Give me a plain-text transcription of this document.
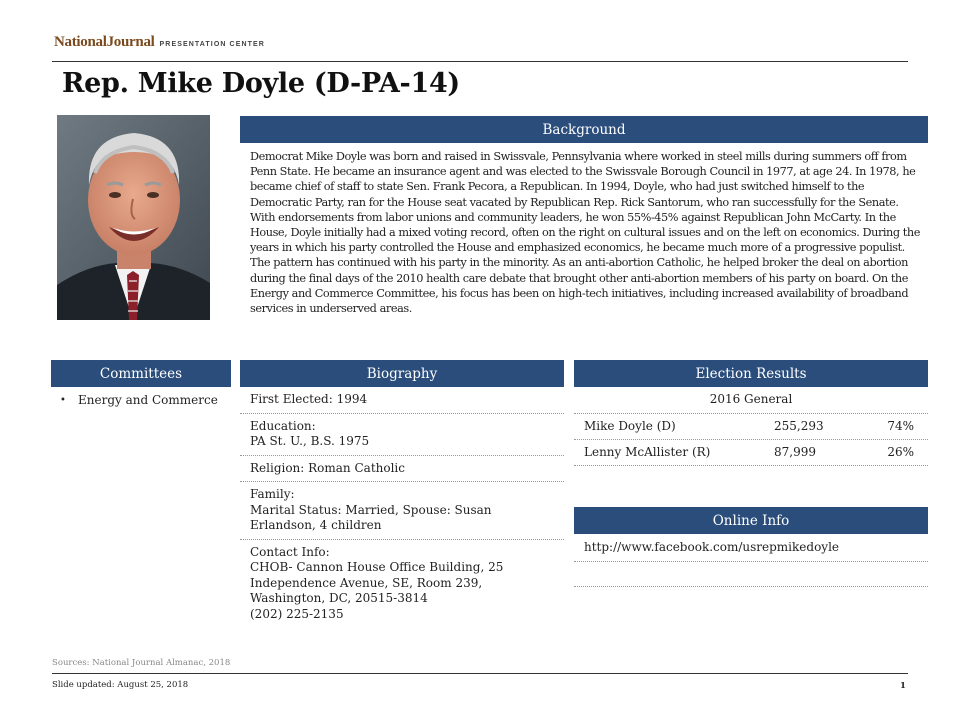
NationalJournal PRESENTATION CENTER
Rep. Mike Doyle (D-PA-14)
Background

Democrat Mike Doyle was born and raised in Swissvale, Pennsylvania where worked in steel mills during summers off from Penn State. He became an insurance agent and was elected to the Swissvale Borough Council in 1977, at age 24. In 1978, he became chief of staff to state Sen. Frank Pecora, a Republican. In 1994, Doyle, who had just switched himself to the Democratic Party, ran for the House seat vacated by Republican Rep. Rick Santorum, who ran successfully for the Senate. With endorsements from labor unions and community leaders, he won 55%-45% against Republican John McCarty. In the House, Doyle initially had a mixed voting record, often on the right on cultural issues and on the left on economics. During the years in which his party controlled the House and emphasized economics, he became much more of a progressive populist. The pattern has continued with his party in the minority. As an anti-abortion Catholic, he helped broker the deal on abortion during the final days of the 2010 health care debate that brought other anti-abortion members of his party on board. On the Energy and Commerce Committee, his focus has been on high-tech initiatives, including increased availability of broadband services in underserved areas.

Committees
•	Energy and Commerce
Biography
First Elected: 1994
Education:
PA St. U., B.S. 1975
Religion: Roman Catholic
Family:
Marital Status: Married, Spouse: Susan Erlandson, 4 children
Contact Info:
CHOB- Cannon House Office Building, 25 Independence Avenue, SE, Room 239, Washington, DC, 20515-3814
(202) 225-2135
Election Results
2016 General
Mike Doyle (D)	255,293	74%
Lenny McAllister (R)	87,999	26%
Online Info
http://www.facebook.com/usrepmikedoyle
Sources: National Journal Almanac, 2018
Slide updated: August 25, 2018	1
